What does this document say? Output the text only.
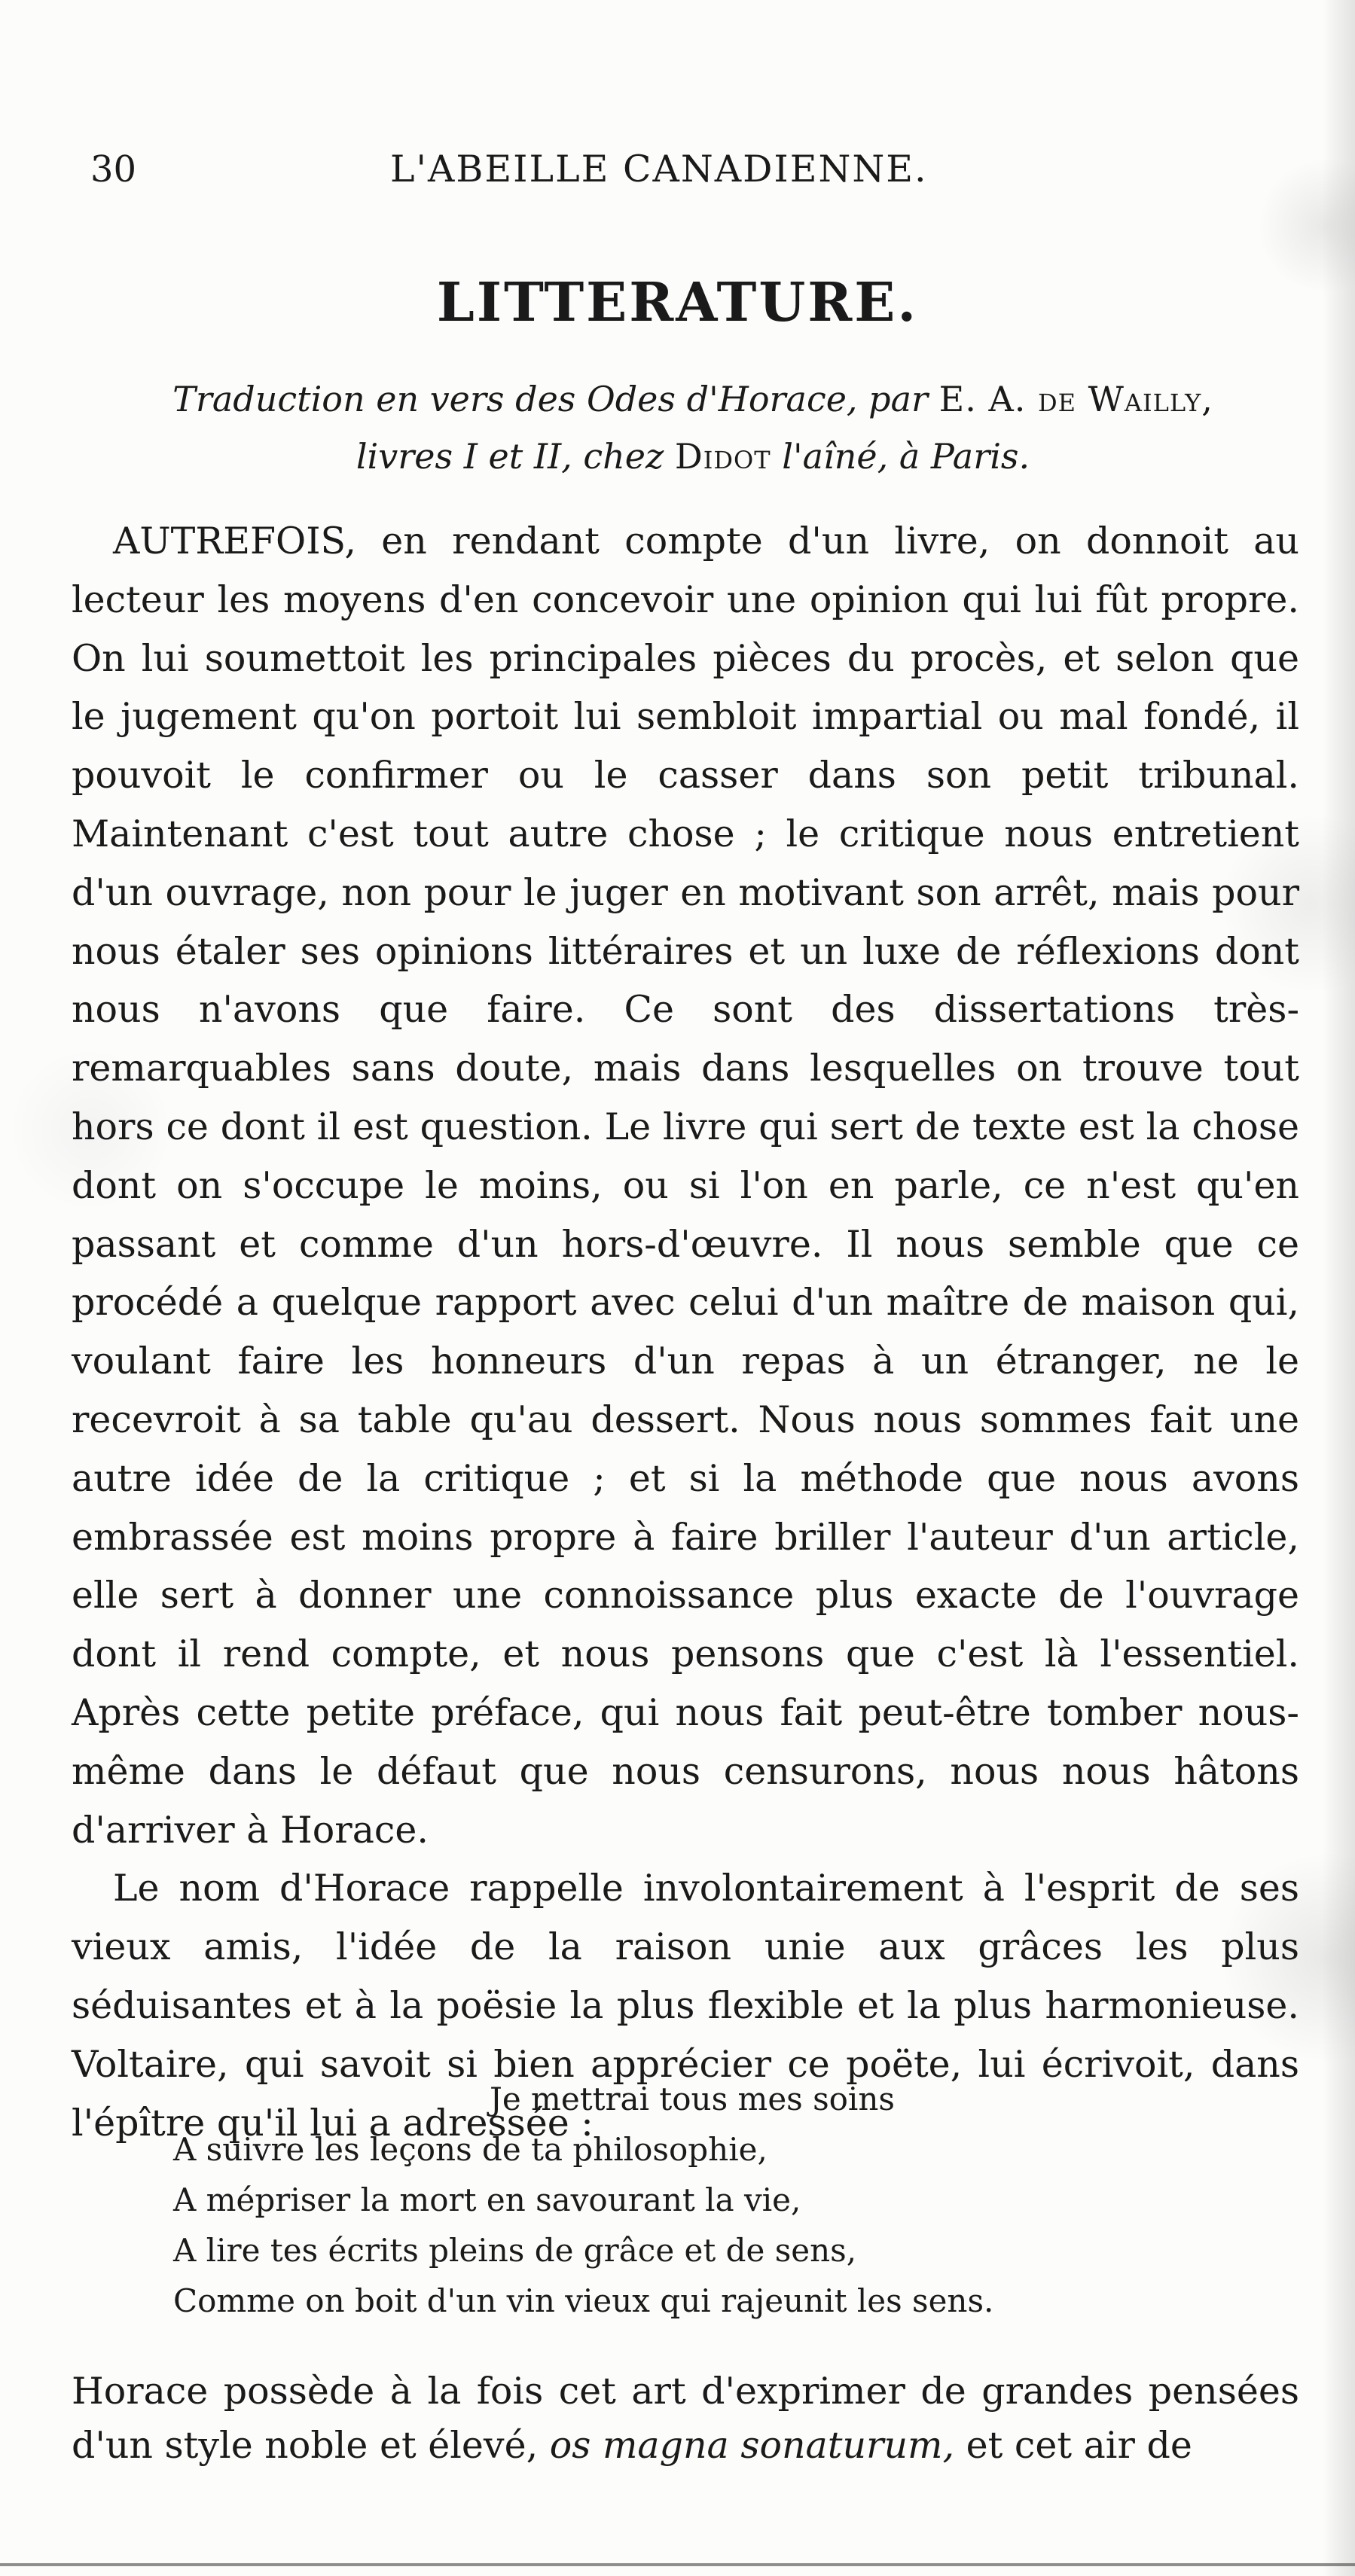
30	L'ABEILLE CANADIENNE.
LITTERATURE.
Traduction en vers des Odes d'Horace, par E. A. de Wailly,
livres I et II, chez Didot l'aîné, à Paris.

AUTREFOIS, en rendant compte d'un livre, on donnoit au lecteur les moyens d'en concevoir une opinion qui lui fût propre. On lui soumettoit les principales pièces du procès, et selon que le jugement qu'on portoit lui sembloit impartial ou mal fondé, il pouvoit le confirmer ou le casser dans son petit tribunal. Maintenant c'est tout autre chose ; le critique nous entretient d'un ouvrage, non pour le juger en motivant son arrêt, mais pour nous étaler ses opinions littéraires et un luxe de réflexions dont nous n'avons que faire. Ce sont des dissertations très-remarquables sans doute, mais dans lesquelles on trouve tout hors ce dont il est question. Le livre qui sert de texte est la chose dont on s'occupe le moins, ou si l'on en parle, ce n'est qu'en passant et comme d'un hors-d'œuvre. Il nous semble que ce procédé a quelque rapport avec celui d'un maître de maison qui, voulant faire les honneurs d'un repas à un étranger, ne le recevroit à sa table qu'au dessert. Nous nous sommes fait une autre idée de la critique ; et si la méthode que nous avons embrassée est moins propre à faire briller l'auteur d'un article, elle sert à donner une connoissance plus exacte de l'ouvrage dont il rend compte, et nous pensons que c'est là l'essentiel. Après cette petite préface, qui nous fait peut-être tomber nous-même dans le défaut que nous censurons, nous nous hâtons d'arriver à Horace.

Le nom d'Horace rappelle involontairement à l'esprit de ses vieux amis, l'idée de la raison unie aux grâces les plus séduisantes et à la poësie la plus flexible et la plus harmonieuse. Voltaire, qui savoit si bien apprécier ce poëte, lui écrivoit, dans l'épître qu'il lui a adressée :

Je mettrai tous mes soins
A suivre les leçons de ta philosophie,
A mépriser la mort en savourant la vie,
A lire tes écrits pleins de grâce et de sens,
Comme on boit d'un vin vieux qui rajeunit les sens.
Horace possède à la fois cet art d'exprimer de grandes pensées d'un style noble et élevé, os magna sonaturum, et cet air de
